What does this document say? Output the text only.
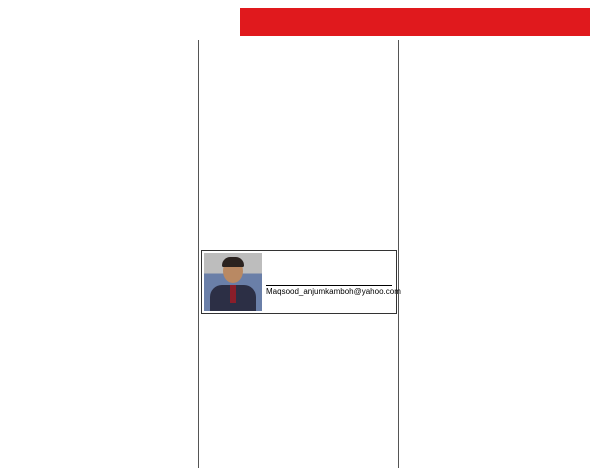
Maqsood_anjumkamboh@yahoo.com
